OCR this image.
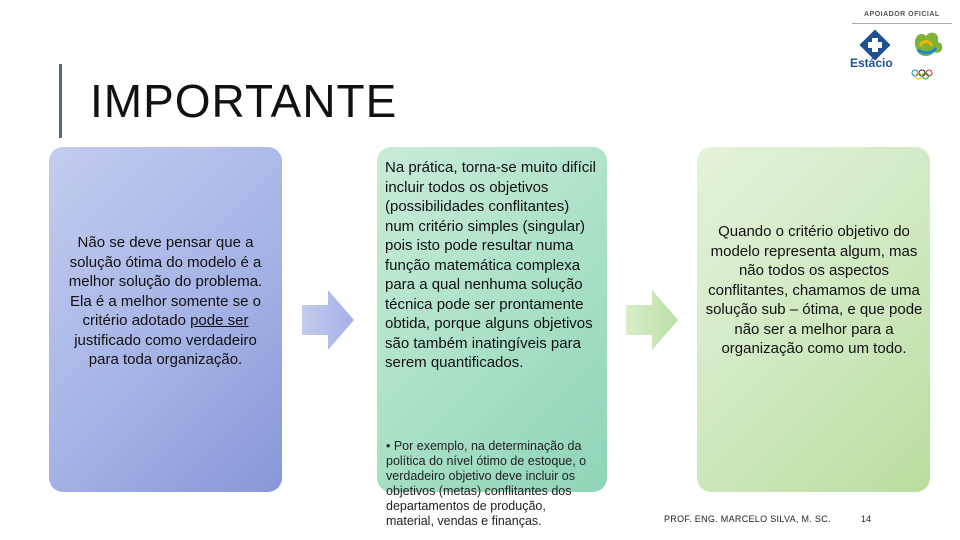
IMPORTANTE
APOIADOR OFICIAL
Estácio
Não se deve pensar que a solução ótima do modelo é a melhor solução do problema. Ela é a melhor somente se o critério adotado pode ser justificado como verdadeiro para toda organização.
Na prática, torna-se muito difícil incluir todos os objetivos (possibilidades conflitantes) num critério simples (singular) pois isto pode resultar numa função matemática complexa para a qual nenhuma solução técnica pode ser prontamente obtida, porque alguns objetivos são também inatingíveis para serem quantificados.
• Por exemplo, na determinação da política do nível ótimo de estoque, o verdadeiro objetivo deve incluir os objetivos (metas) conflitantes dos departamentos de produção, material, vendas e finanças.
Quando o critério objetivo do modelo representa algum, mas não todos os aspectos conflitantes, chamamos de uma solução sub – ótima, e que pode não ser a melhor para a organização como um todo.
PROF. ENG. MARCELO SILVA, M. SC.	14
